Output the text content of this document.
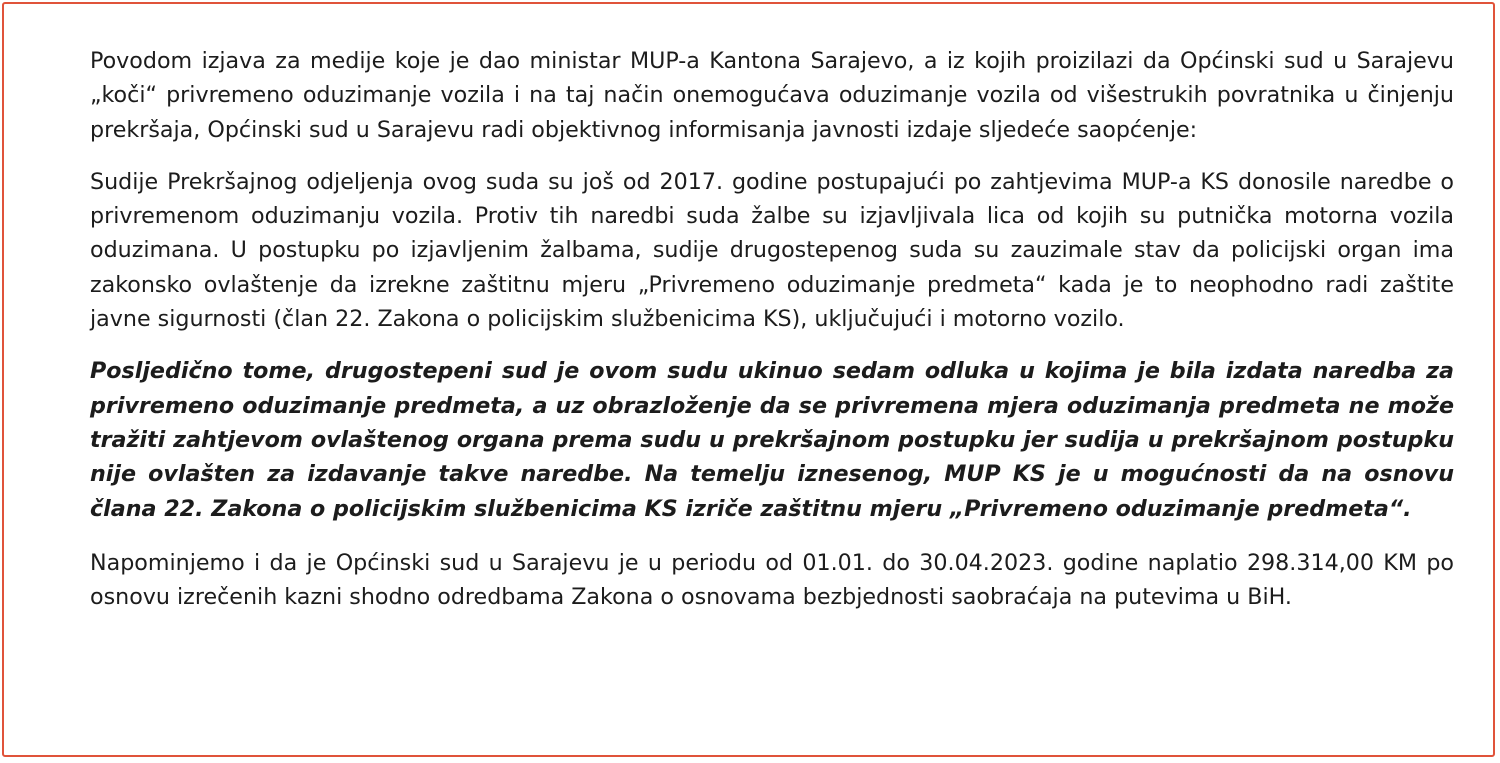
Povodom izjava za medije koje je dao ministar MUP-a Kantona Sarajevo, a iz kojih proizilazi da Općinski sud u Sarajevu „koči“ privremeno oduzimanje vozila i na taj način onemogućava oduzimanje vozila od višestrukih povratnika u činjenju prekršaja, Općinski sud u Sarajevu radi objektivnog informisanja javnosti izdaje sljedeće saopćenje:

Sudije Prekršajnog odjeljenja ovog suda su još od 2017. godine postupajući po zahtjevima MUP-a KS donosile naredbe o privremenom oduzimanju vozila. Protiv tih naredbi suda žalbe su izjavljivala lica od kojih su putnička motorna vozila oduzimana. U postupku po izjavljenim žalbama, sudije drugostepenog suda su zauzimale stav da policijski organ ima zakonsko ovlaštenje da izrekne zaštitnu mjeru „Privremeno oduzimanje predmeta“ kada je to neophodno radi zaštite javne sigurnosti (član 22. Zakona o policijskim službenicima KS), uključujući i motorno vozilo.

Posljedično tome, drugostepeni sud je ovom sudu ukinuo sedam odluka u kojima je bila izdata naredba za privremeno oduzimanje predmeta, a uz obrazloženje da se privremena mjera oduzimanja predmeta ne može tražiti zahtjevom ovlaštenog organa prema sudu u prekršajnom postupku jer sudija u prekršajnom postupku nije ovlašten za izdavanje takve naredbe. Na temelju iznesenog, MUP KS je u mogućnosti da na osnovu člana 22. Zakona o policijskim službenicima KS izriče zaštitnu mjeru „Privremeno oduzimanje predmeta“.

Napominjemo i da je Općinski sud u Sarajevu je u periodu od 01.01. do 30.04.2023. godine naplatio 298.314,00 KM po osnovu izrečenih kazni shodno odredbama Zakona o osnovama bezbjednosti saobraćaja na putevima u BiH.
